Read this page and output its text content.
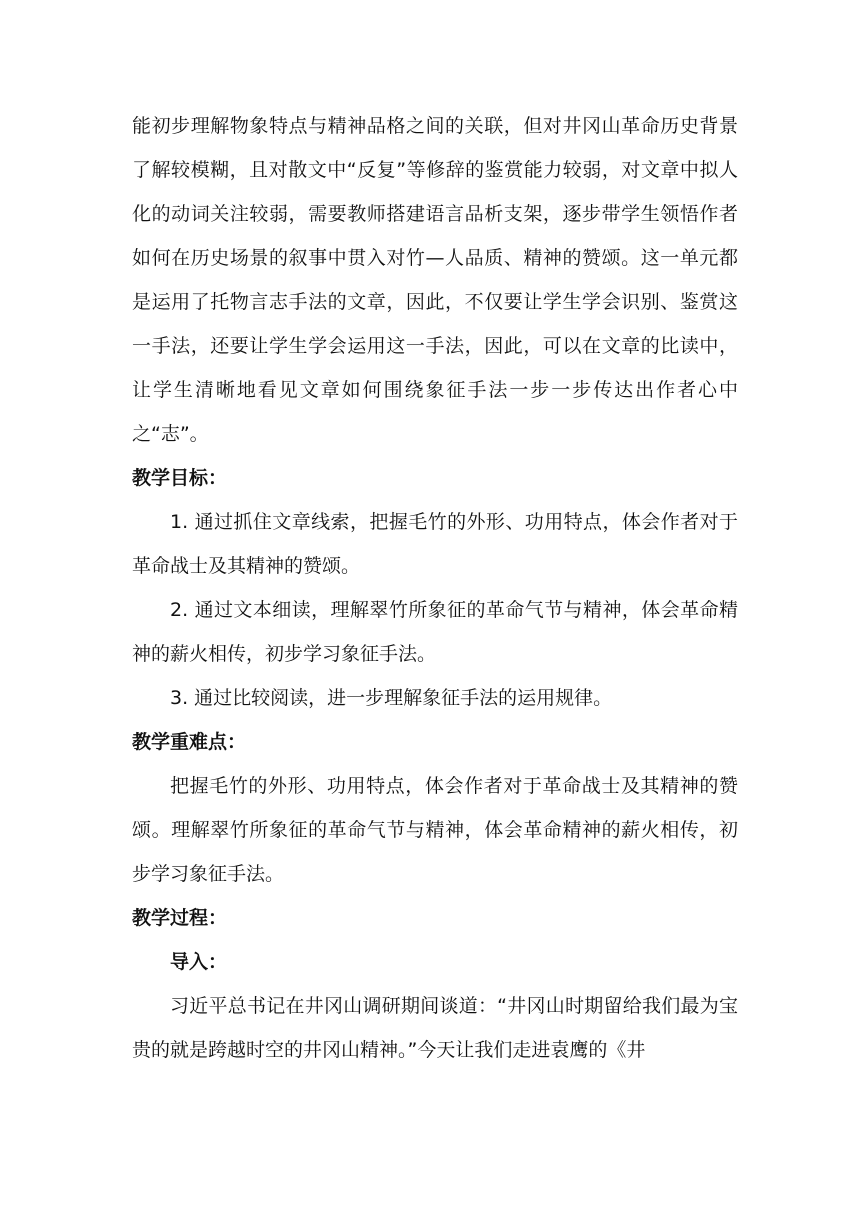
能初步理解物象特点与精神品格之间的关联，但对井冈山革命历史背景了解较模糊，且对散文中“反复”等修辞的鉴赏能力较弱，对文章中拟人化的动词关注较弱，需要教师搭建语言品析支架，逐步带学生领悟作者如何在历史场景的叙事中贯入对竹—人品质、精神的赞颂。这一单元都是运用了托物言志手法的文章，因此，不仅要让学生学会识别、鉴赏这一手法，还要让学生学会运用这一手法，因此，可以在文章的比读中，让学生清晰地看见文章如何围绕象征手法一步一步传达出作者心中之“志”。

教学目标：

1. 通过抓住文章线索，把握毛竹的外形、功用特点，体会作者对于革命战士及其精神的赞颂。

2. 通过文本细读，理解翠竹所象征的革命气节与精神，体会革命精神的薪火相传，初步学习象征手法。

3. 通过比较阅读，进一步理解象征手法的运用规律。

教学重难点：

把握毛竹的外形、功用特点，体会作者对于革命战士及其精神的赞颂。理解翠竹所象征的革命气节与精神，体会革命精神的薪火相传，初步学习象征手法。

教学过程：

导入：

习近平总书记在井冈山调研期间谈道：“井冈山时期留给我们最为宝贵的就是跨越时空的井冈山精神。”今天让我们走进袁鹰的《井
